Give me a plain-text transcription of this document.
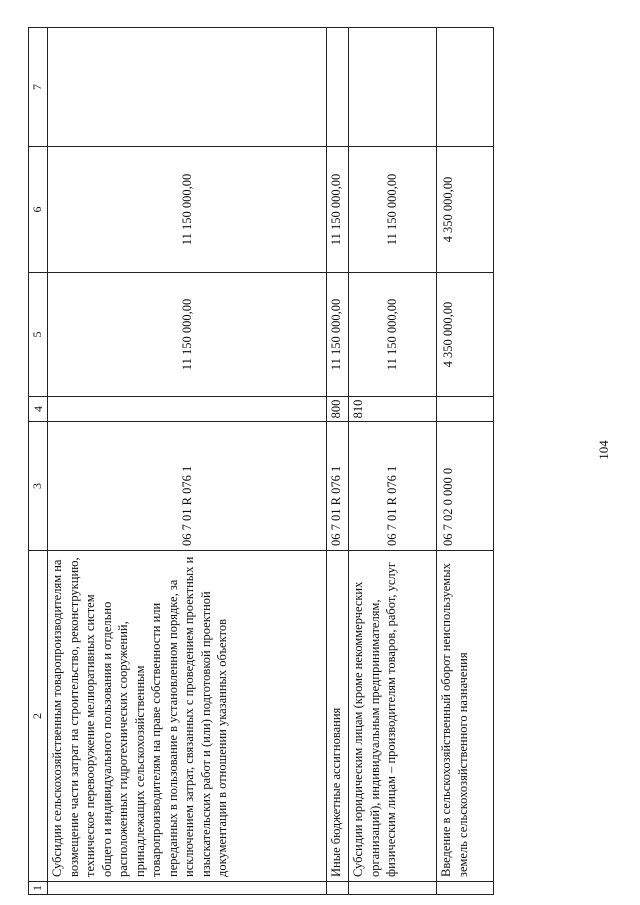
104
1	2	3	4	5	6	7
	Субсидии сельскохозяйственным товаропроизводителям на возмещение части затрат на строительство, реконструкцию, техническое перевооружение мелиоративных систем общего и индивидуального пользования и отдельно расположенных гидротехнических сооружений, принадлежащих сельскохозяйственным товаропроизводителям на праве собственности или переданных в пользование в установленном порядке, за исключением затрат, связанных с проведением проектных и изыскательских работ и (или) подготовкой проектной документации в отношении указанных объектов	06 7 01 R 076 1		11 150 000,00	11 150 000,00	
	Иные бюджетные ассигнования	06 7 01 R 076 1	800	11 150 000,00	11 150 000,00	
	Субсидии юридическим лицам (кроме некоммерческих организаций), индивидуальным предпринимателям, физическим лицам – производителям товаров, работ, услуг	06 7 01 R 076 1	810	11 150 000,00	11 150 000,00	
	Введение в сельскохозяйственный оборот неиспользуемых земель сельскохозяйственного назначения	06 7 02 0 000 0		4 350 000,00	4 350 000,00	
